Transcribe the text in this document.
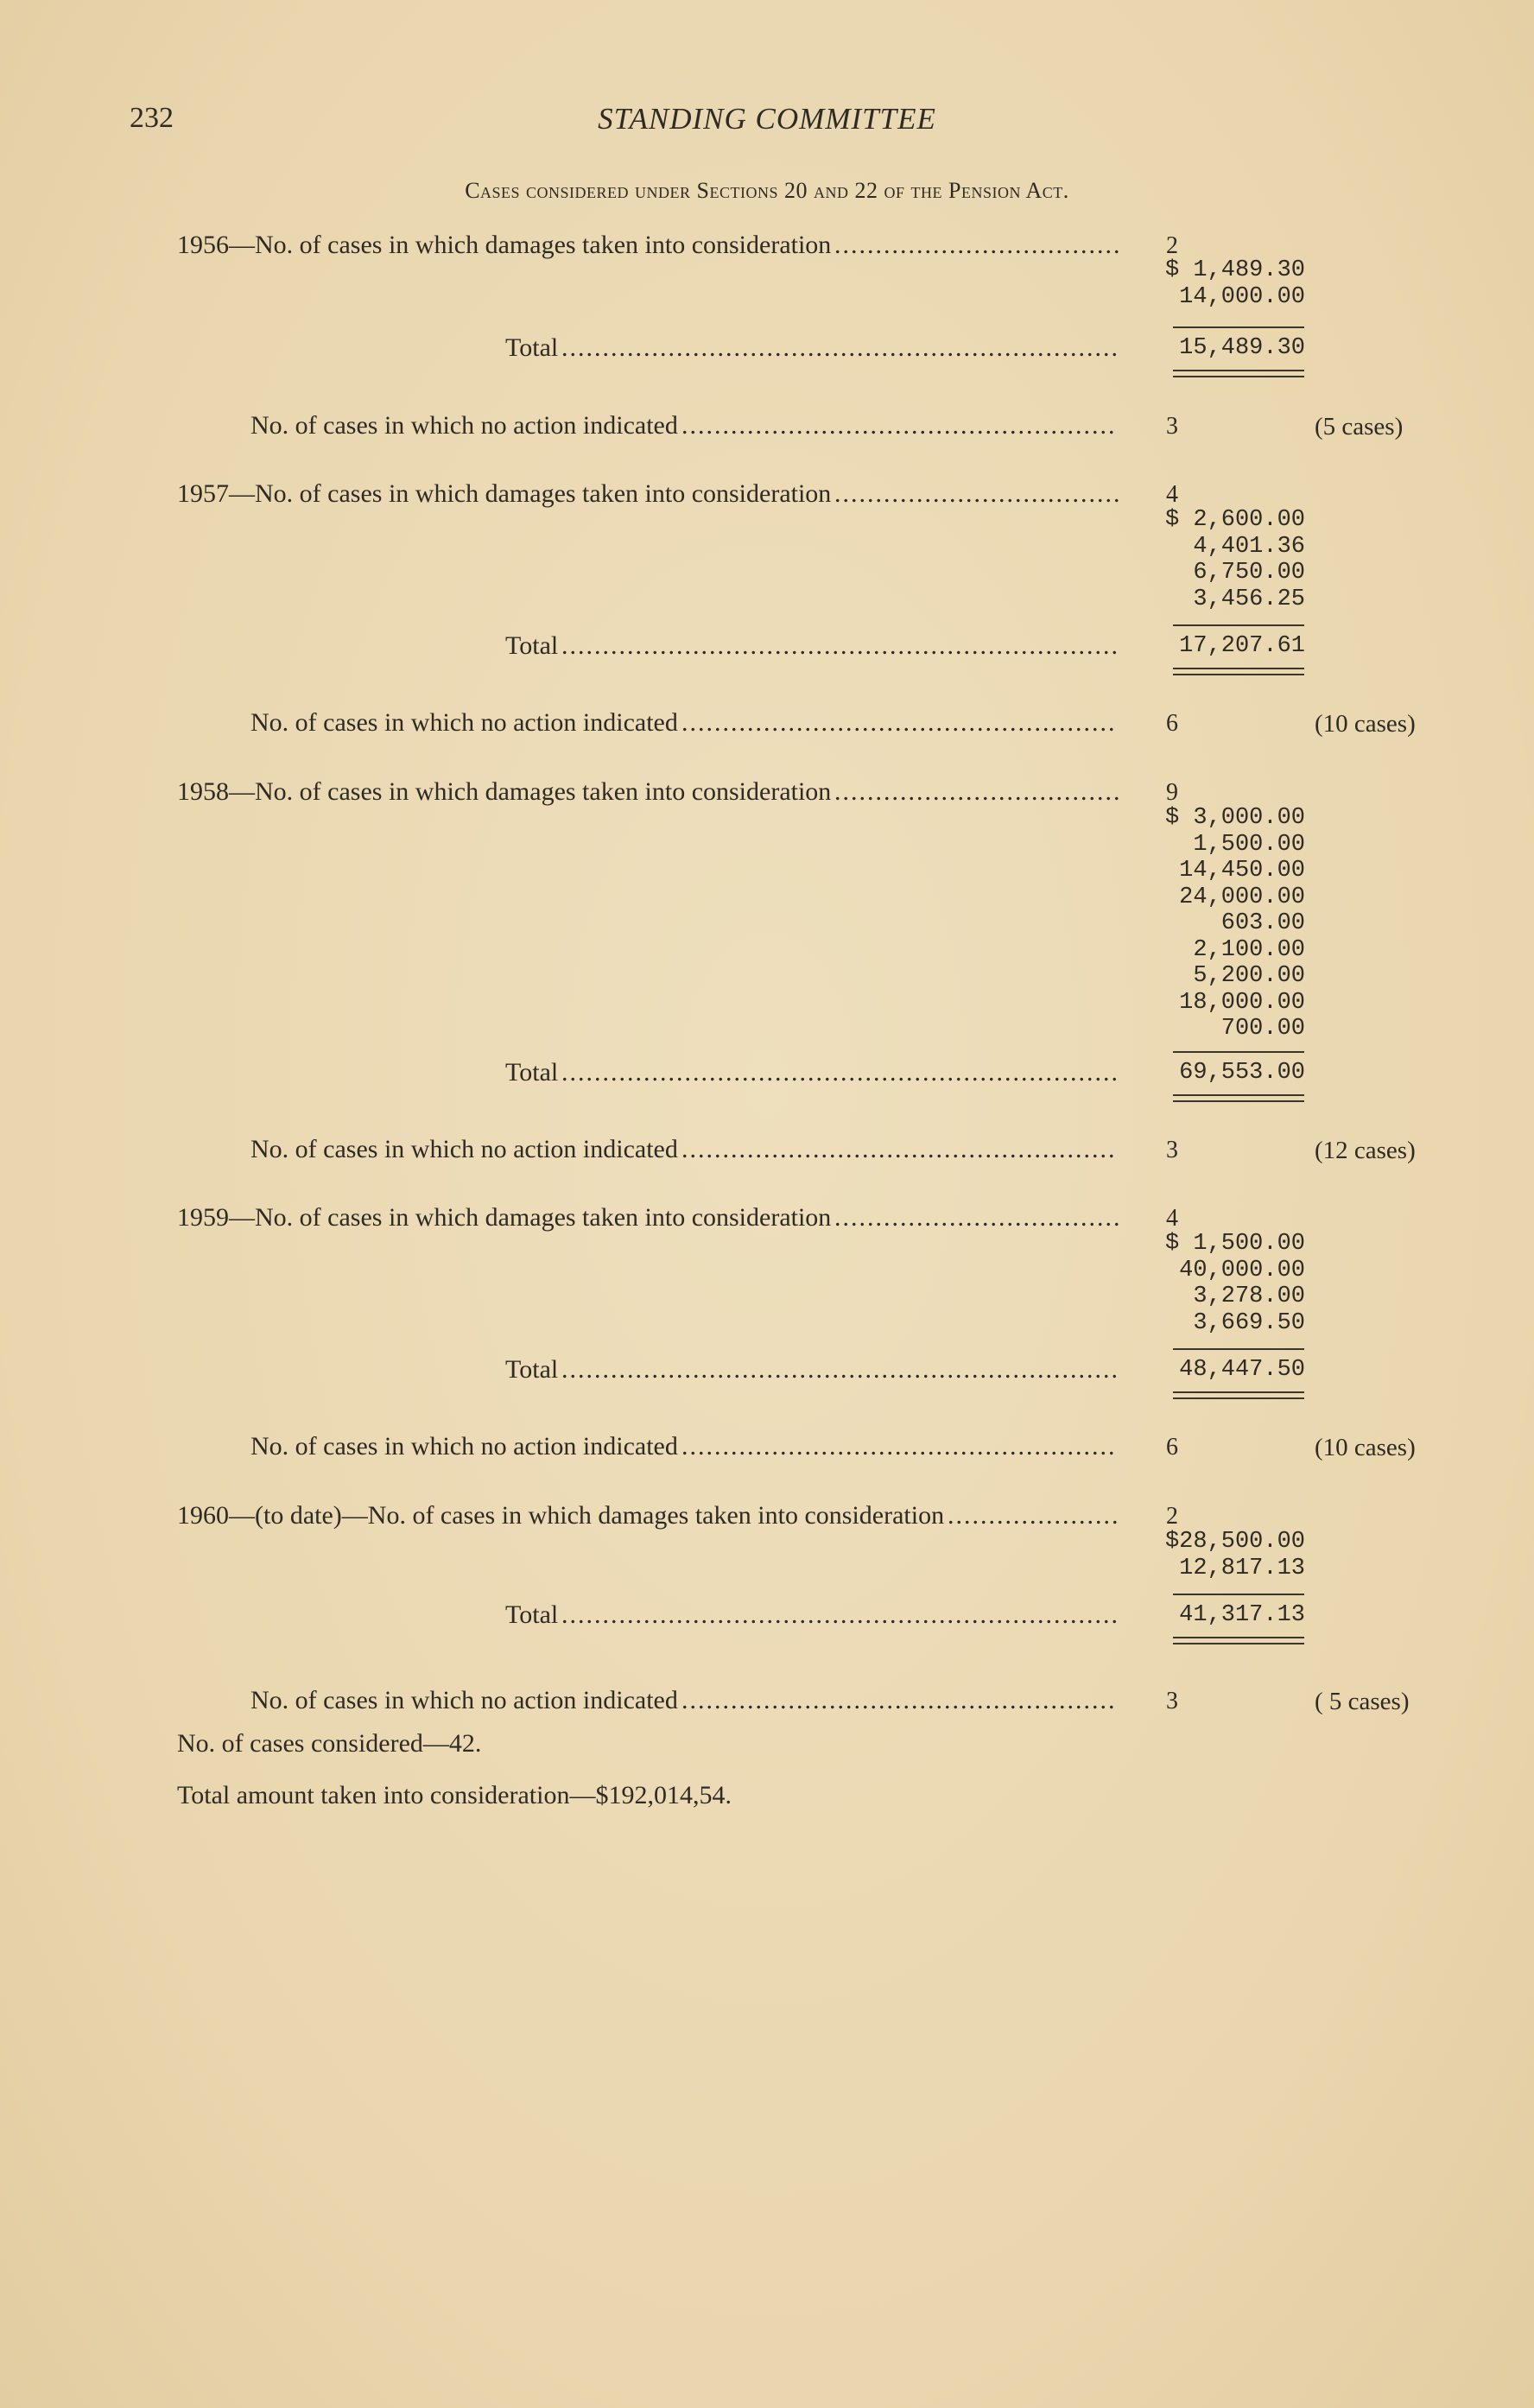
232	STANDING COMMITTEE
Cases considered under Sections 20 and 22 of the Pension Act.
1956—No. of cases in which damages taken into consideration ................................... 2
$ 1,489.30
14,000.00
Total ....................................................................	15,489.30
No. of cases in which no action indicated ..................................................... 3	(5 cases)
1957—No. of cases in which damages taken into consideration ................................... 4
$ 2,600.00
4,401.36
6,750.00
3,456.25
Total ....................................................................	17,207.61
No. of cases in which no action indicated ..................................................... 6	(10 cases)
1958—No. of cases in which damages taken into consideration ................................... 9
$ 3,000.00
1,500.00
14,450.00
24,000.00
603.00
2,100.00
5,200.00
18,000.00
700.00
Total ....................................................................	69,553.00
No. of cases in which no action indicated ..................................................... 3	(12 cases)
1959—No. of cases in which damages taken into consideration ................................... 4
$ 1,500.00
40,000.00
3,278.00
3,669.50
Total ....................................................................	48,447.50
No. of cases in which no action indicated ..................................................... 6	(10 cases)
1960—(to date)—No. of cases in which damages taken into consideration ..................... 2
$28,500.00
12,817.13
Total ....................................................................	41,317.13
No. of cases in which no action indicated ..................................................... 3	( 5 cases)
No. of cases considered—42.
Total amount taken into consideration—$192,014,54.
